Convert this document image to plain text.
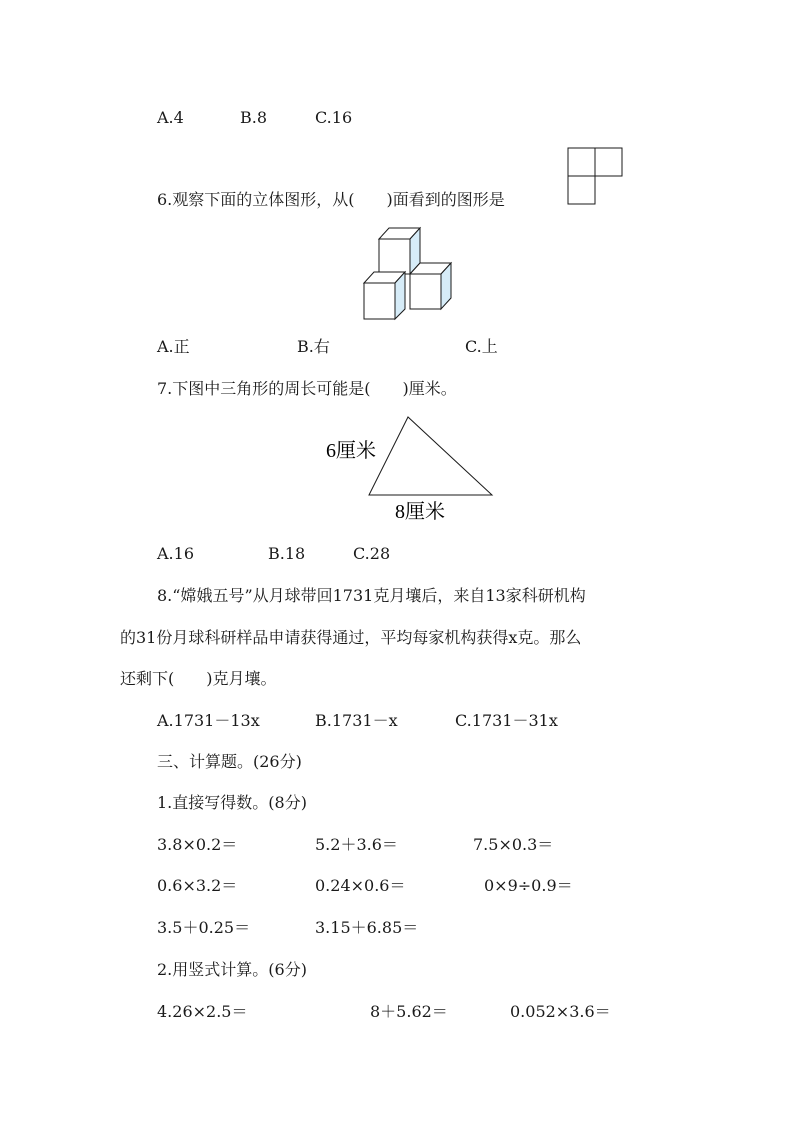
A.4	B.8	C.16
6.观察下面的立体图形，从(　　)面看到的图形是
A.正	B.右	C.上
7.下图中三角形的周长可能是(　　)厘米。
6厘米
8厘米
A.16	B.18	C.28
8.“嫦娥五号”从月球带回1731克月壤后，来自13家科研机构
的31份月球科研样品申请获得通过，平均每家机构获得x克。那么
还剩下(　　)克月壤。
A.1731－13x	B.1731－x	C.1731－31x
三、计算题。(26分)
1.直接写得数。(8分)
3.8×0.2＝	5.2＋3.6＝	7.5×0.3＝
0.6×3.2＝	0.24×0.6＝	0×9÷0.9＝
3.5＋0.25＝	3.15＋6.85＝
2.用竖式计算。(6分)
4.26×2.5＝	8＋5.62＝	0.052×3.6＝
